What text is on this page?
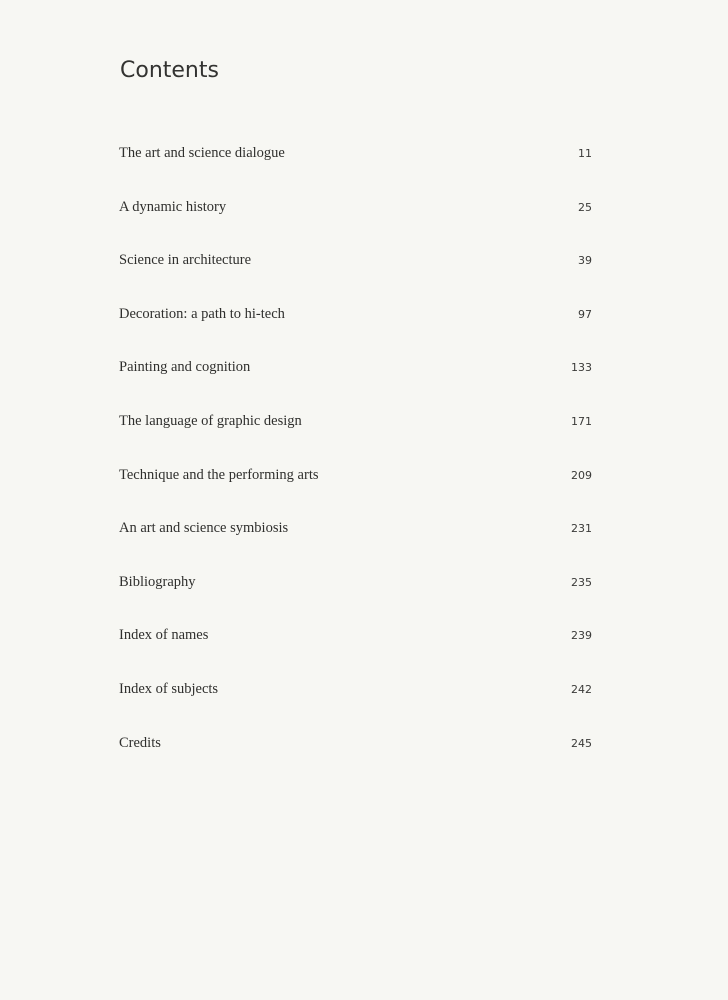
Contents
The art and science dialogue	11
A dynamic history	25
Science in architecture	39
Decoration: a path to hi-tech	97
Painting and cognition	133
The language of graphic design	171
Technique and the performing arts	209
An art and science symbiosis	231
Bibliography	235
Index of names	239
Index of subjects	242
Credits	245
